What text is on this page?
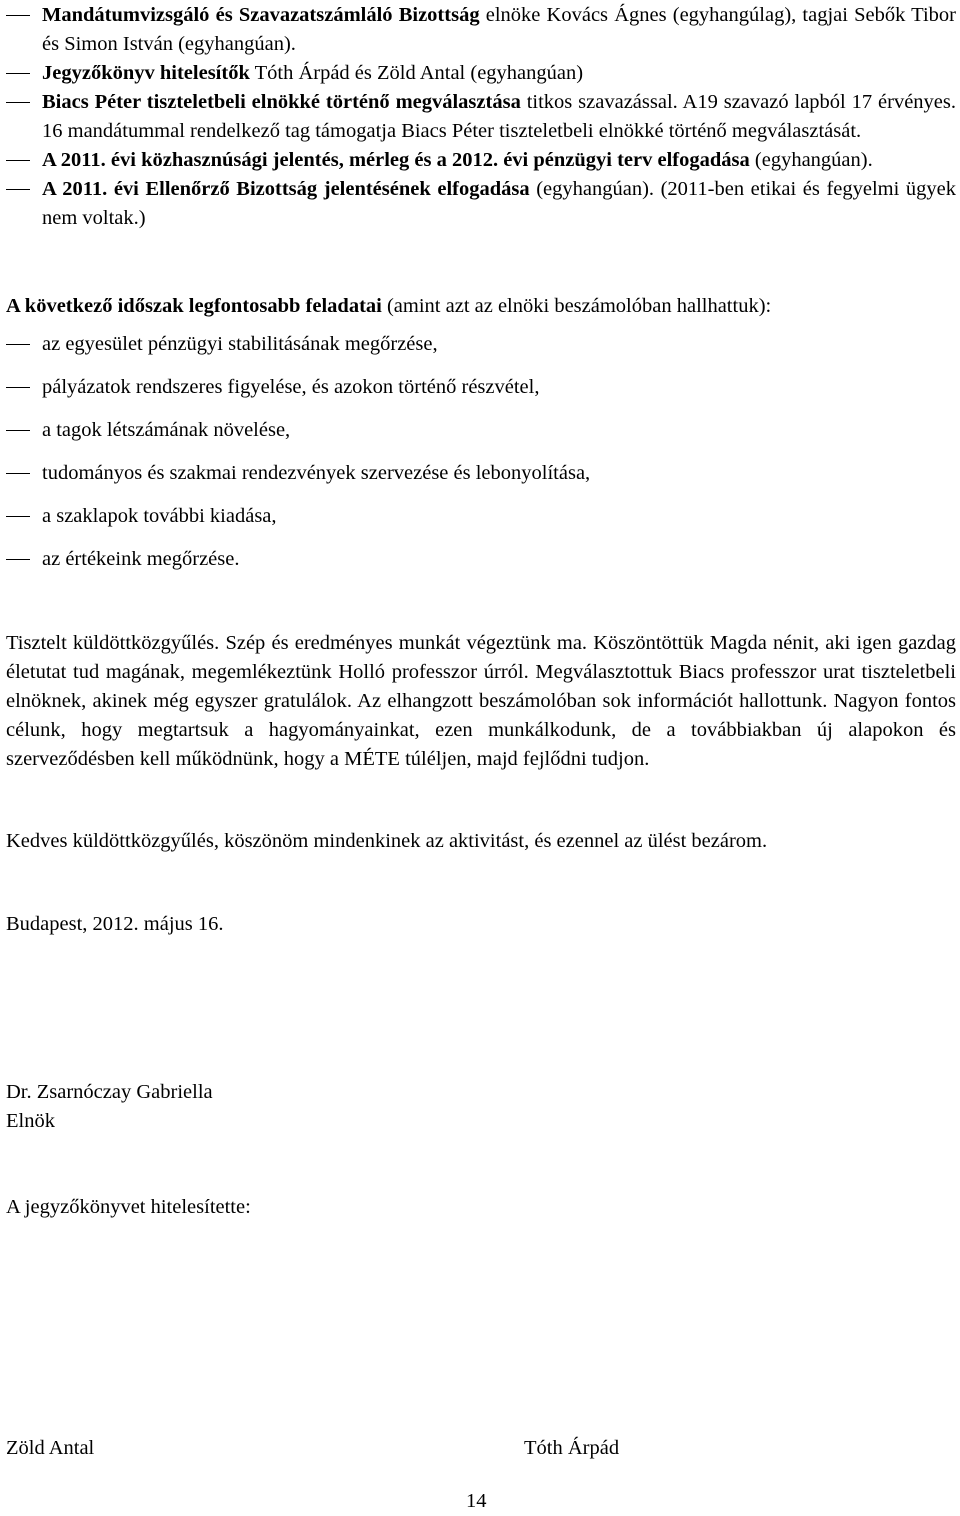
Mandátumvizsgáló és Szavazatszámláló Bizottság elnöke Kovács Ágnes (egyhangúlag), tagjai Sebők Tibor és Simon István (egyhangúan).
Jegyzőkönyv hitelesítők Tóth Árpád és Zöld Antal (egyhangúan)
Biacs Péter tiszteletbeli elnökké történő megválasztása titkos szavazással. A19 szavazó lapból 17 érvényes. 16 mandátummal rendelkező tag támogatja Biacs Péter tiszteletbeli elnökké történő megválasztását.
A 2011. évi közhasznúsági jelentés, mérleg és a 2012. évi pénzügyi terv elfogadása (egyhangúan).
A 2011. évi Ellenőrző Bizottság jelentésének elfogadása (egyhangúan). (2011-ben etikai és fegyelmi ügyek nem voltak.)

A következő időszak legfontosabb feladatai (amint azt az elnöki beszámolóban hallhattuk):

az egyesület pénzügyi stabilitásának megőrzése,
pályázatok rendszeres figyelése, és azokon történő részvétel,
a tagok létszámának növelése,
tudományos és szakmai rendezvények szervezése és lebonyolítása,
a szaklapok további kiadása,
az értékeink megőrzése.

Tisztelt küldöttközgyűlés. Szép és eredményes munkát végeztünk ma. Köszöntöttük Magda nénit, aki igen gazdag életutat tud magának, megemlékeztünk Holló professzor úrról. Megválasztottuk Biacs professzor urat tiszteletbeli elnöknek, akinek még egyszer gratulálok. Az elhangzott beszámolóban sok információt hallottunk. Nagyon fontos célunk, hogy megtartsuk a hagyományainkat, ezen munkálkodunk, de a továbbiakban új alapokon és szerveződésben kell működnünk, hogy a MÉTE túléljen, majd fejlődni tudjon.

Kedves küldöttközgyűlés, köszönöm mindenkinek az aktivitást, és ezennel az ülést bezárom.

Budapest, 2012. május 16.

Dr. Zsarnóczay Gabriella

Elnök

A jegyzőkönyvet hitelesítette:

Zöld Antal	Tóth Árpád
14
